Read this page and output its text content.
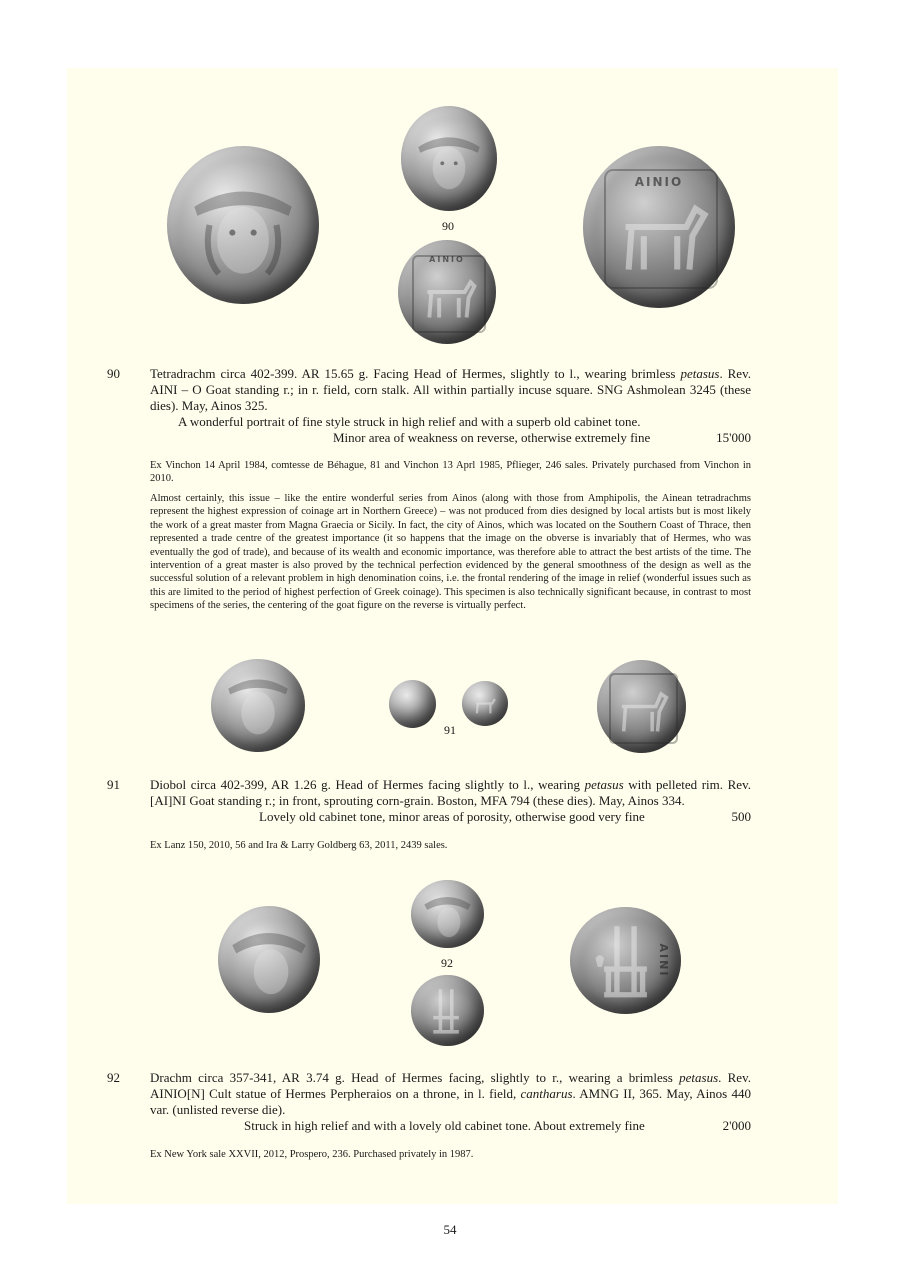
90
ΑΙΝΙΟ
ΑΙΝΙΟ
90 Tetradrachm circa 402-399. AR 15.65 g. Facing Head of Hermes, slightly to l., wearing brimless petasus. Rev. AINI – O Goat standing r.; in r. field, corn stalk. All within partially incuse square. SNG Ashmolean 3245 (these dies). May, Ainos 325.
A wonderful portrait of fine style struck in high relief and with a superb old cabinet tone.
Minor area of weakness on reverse, otherwise extremely fine	15'000
Ex Vinchon 14 April 1984, comtesse de Béhague, 81 and Vinchon 13 Aprl 1985, Pflieger, 246 sales. Privately purchased from Vinchon in 2010.
Almost certainly, this issue – like the entire wonderful series from Ainos (along with those from Amphipolis, the Ainean tetradrachms represent the highest expression of coinage art in Northern Greece) – was not produced from dies designed by local artists but is most likely the work of a great master from Magna Graecia or Sicily. In fact, the city of Ainos, which was located on the Southern Coast of Thrace, then represented a trade centre of the greatest importance (it so happens that the image on the obverse is invariably that of Hermes, who was eventually the god of trade), and because of its wealth and economic importance, was therefore able to attract the best artists of the time. The intervention of a great master is also proved by the technical perfection evidenced by the general smoothness of the design as well as the successful solution of a relevant problem in high denomination coins, i.e. the frontal rendering of the image in relief (wonderful issues such as this are limited to the period of highest perfection of Greek coinage). This specimen is also technically significant because, in contrast to most specimens of the series, the centering of the goat figure on the reverse is virtually perfect.
91
91 Diobol circa 402-399, AR 1.26 g. Head of Hermes facing slightly to l., wearing petasus with pelleted rim. Rev. [AI]NI Goat standing r.; in front, sprouting corn-grain. Boston, MFA 794 (these dies). May, Ainos 334.
Lovely old cabinet tone, minor areas of porosity, otherwise good very fine	500
Ex Lanz 150, 2010, 56 and Ira & Larry Goldberg 63, 2011, 2439 sales.
92	ΑΙΝΙ
92 Drachm circa 357-341, AR 3.74 g. Head of Hermes facing, slightly to r., wearing a brimless petasus. Rev. AINIO[N] Cult statue of Hermes Perpheraios on a throne, in l. field, cantharus. AMNG II, 365. May, Ainos 440 var. (unlisted reverse die).
Struck in high relief and with a lovely old cabinet tone. About extremely fine	2'000
Ex New York sale XXVII, 2012, Prospero, 236. Purchased privately in 1987.
54
